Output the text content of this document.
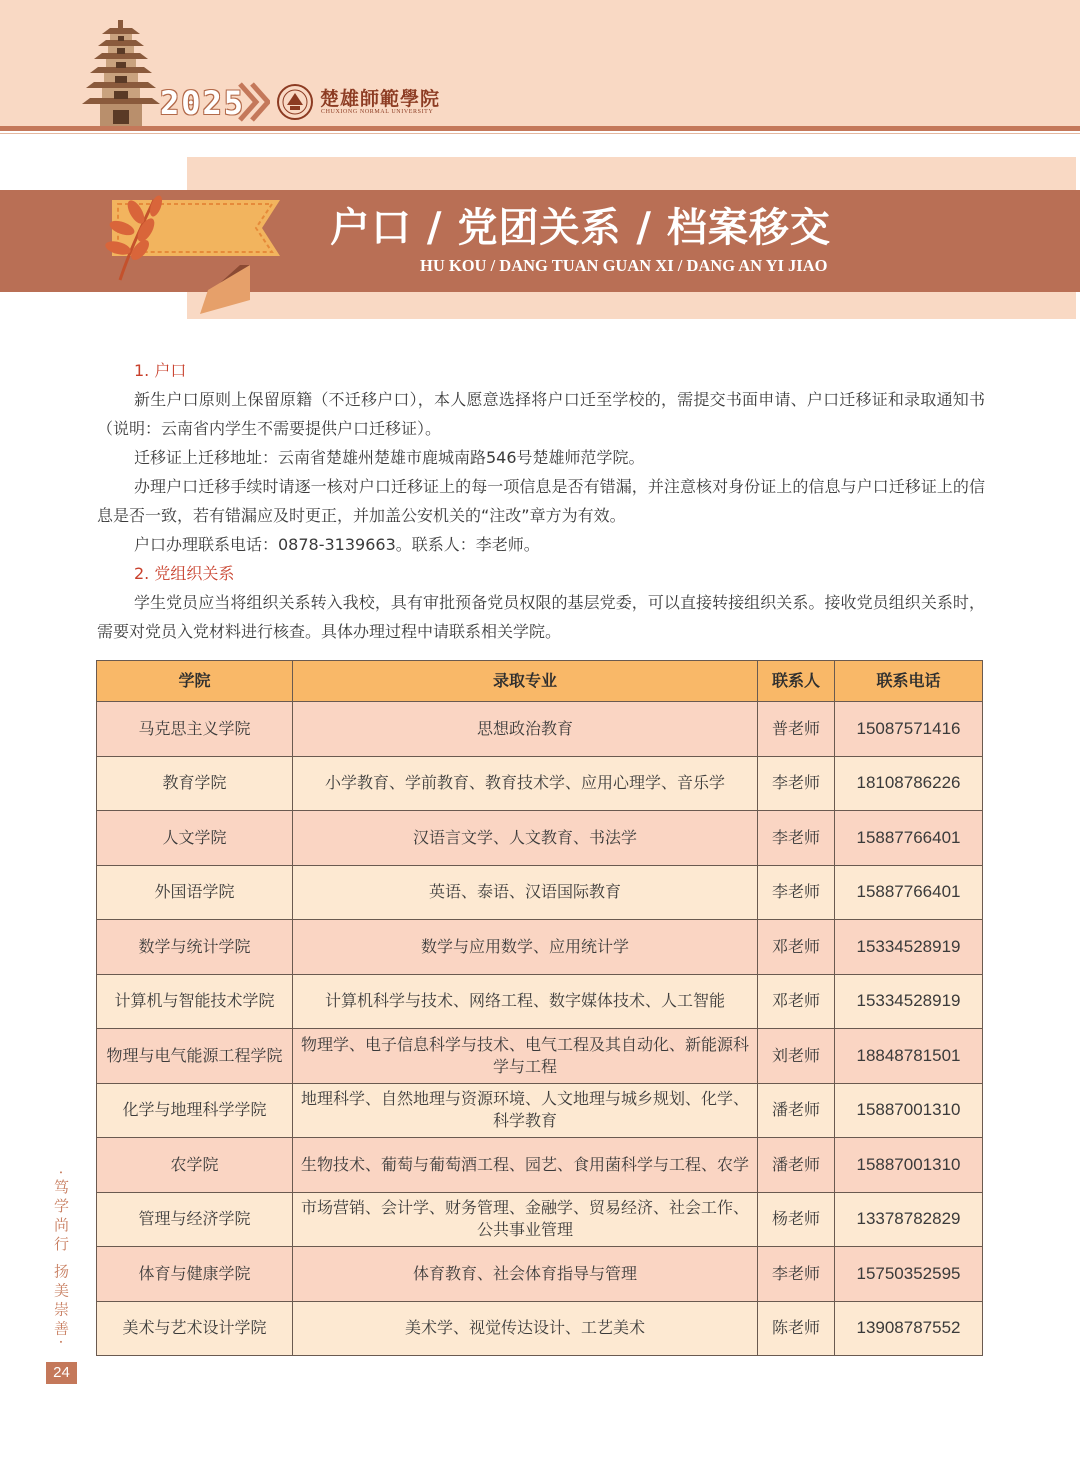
2025	楚雄師範學院
CHUXIONG NORMAL UNIVERSITY
户口 / 党团关系 / 档案移交
HU KOU / DANG TUAN GUAN XI / DANG AN YI JIAO

1. 户口

新生户口原则上保留原籍（不迁移户口），本人愿意选择将户口迁至学校的，需提交书面申请、户口迁移证和录取通知书（说明：云南省内学生不需要提供户口迁移证）。

迁移证上迁移地址：云南省楚雄州楚雄市鹿城南路546号楚雄师范学院。

办理户口迁移手续时请逐一核对户口迁移证上的每一项信息是否有错漏，并注意核对身份证上的信息与户口迁移证上的信息是否一致，若有错漏应及时更正，并加盖公安机关的“注改”章方为有效。

户口办理联系电话：0878-3139663。联系人：李老师。

2. 党组织关系

学生党员应当将组织关系转入我校，具有审批预备党员权限的基层党委，可以直接转接组织关系。接收党员组织关系时，需要对党员入党材料进行核查。具体办理过程中请联系相关学院。

学院	录取专业	联系人	联系电话
马克思主义学院	思想政治教育	普老师	15087571416
教育学院	小学教育、学前教育、教育技术学、应用心理学、音乐学	李老师	18108786226
人文学院	汉语言文学、人文教育、书法学	李老师	15887766401
外国语学院	英语、泰语、汉语国际教育	李老师	15887766401
数学与统计学院	数学与应用数学、应用统计学	邓老师	15334528919
计算机与智能技术学院	计算机科学与技术、网络工程、数字媒体技术、人工智能	邓老师	15334528919
物理与电气能源工程学院	物理学、电子信息科学与技术、电气工程及其自动化、新能源科学与工程	刘老师	18848781501
化学与地理科学学院	地理科学、自然地理与资源环境、人文地理与城乡规划、化学、科学教育	潘老师	15887001310
农学院	生物技术、葡萄与葡萄酒工程、园艺、食用菌科学与工程、农学	潘老师	15887001310
管理与经济学院	市场营销、会计学、财务管理、金融学、贸易经济、社会工作、公共事业管理	杨老师	13378782829
体育与健康学院	体育教育、社会体育指导与管理	李老师	15750352595
美术与艺术设计学院	美术学、视觉传达设计、工艺美术	陈老师	13908787552
·笃学尚行 扬美崇善·
24
